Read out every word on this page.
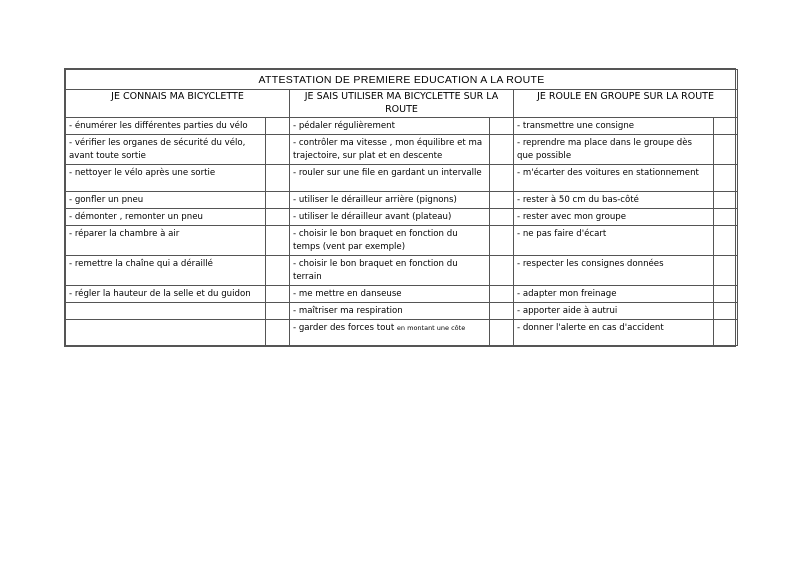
ATTESTATION DE PREMIERE EDUCATION A LA ROUTE					
JE CONNAIS MA BICYCLETTE		JE SAIS UTILISER MA BICYCLETTE SUR LA ROUTE		JE ROULE EN GROUPE SUR LA ROUTE	
- énumérer les différentes parties du vélo		- pédaler régulièrement		- transmettre une consigne	
- vérifier les organes de sécurité du vélo, avant toute sortie		- contrôler ma vitesse , mon équilibre et ma trajectoire, sur plat et en descente		- reprendre ma place dans le groupe dès que possible	
- nettoyer le vélo après une sortie		- rouler sur une file en gardant un intervalle		- m'écarter des voitures en stationnement	
- gonfler un pneu		- utiliser le dérailleur arrière (pignons)		- rester à 50 cm du bas-côté	
- démonter , remonter un pneu		- utiliser le dérailleur avant (plateau)		- rester avec mon groupe	
- réparer la chambre à air		- choisir le bon braquet en fonction du temps (vent par exemple)		- ne pas faire d'écart	
- remettre la chaîne qui a déraillé		- choisir le bon braquet en fonction du terrain		- respecter les consignes données	
- régler la hauteur de la selle et du guidon		- me mettre en danseuse		- adapter mon freinage	
		- maîtriser ma respiration		- apporter aide à autrui	
		- garder des forces tout en montant une côte		- donner l'alerte en cas d'accident	
